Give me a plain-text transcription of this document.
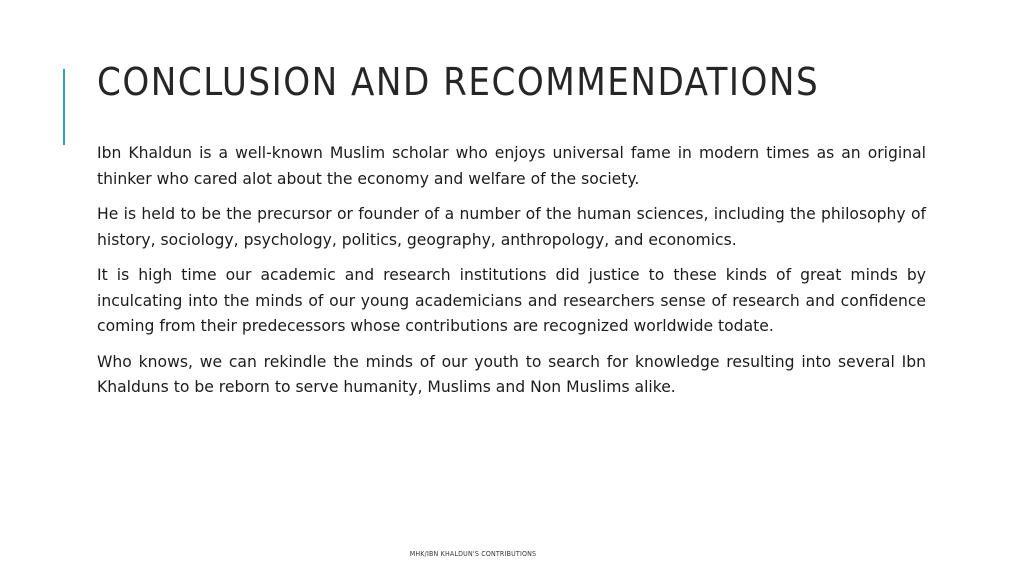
CONCLUSION AND RECOMMENDATIONS

Ibn Khaldun is a well-known Muslim scholar who enjoys universal fame in modern times as an original thinker who cared alot about the economy and welfare of the society.

He is held to be the precursor or founder of a number of the human sciences, including the philosophy of history, sociology, psychology, politics, geography, anthropology, and economics.

It is high time our academic and research institutions did justice to these kinds of great minds by inculcating into the minds of our young academicians and researchers sense of research and confidence coming from their predecessors whose contributions are recognized worldwide todate.

Who knows, we can rekindle the minds of our youth to search for knowledge resulting into several Ibn Khalduns to be reborn to serve humanity, Muslims and Non Muslims alike.

MHK/IBN KHALDUN'S CONTRIBUTIONS
